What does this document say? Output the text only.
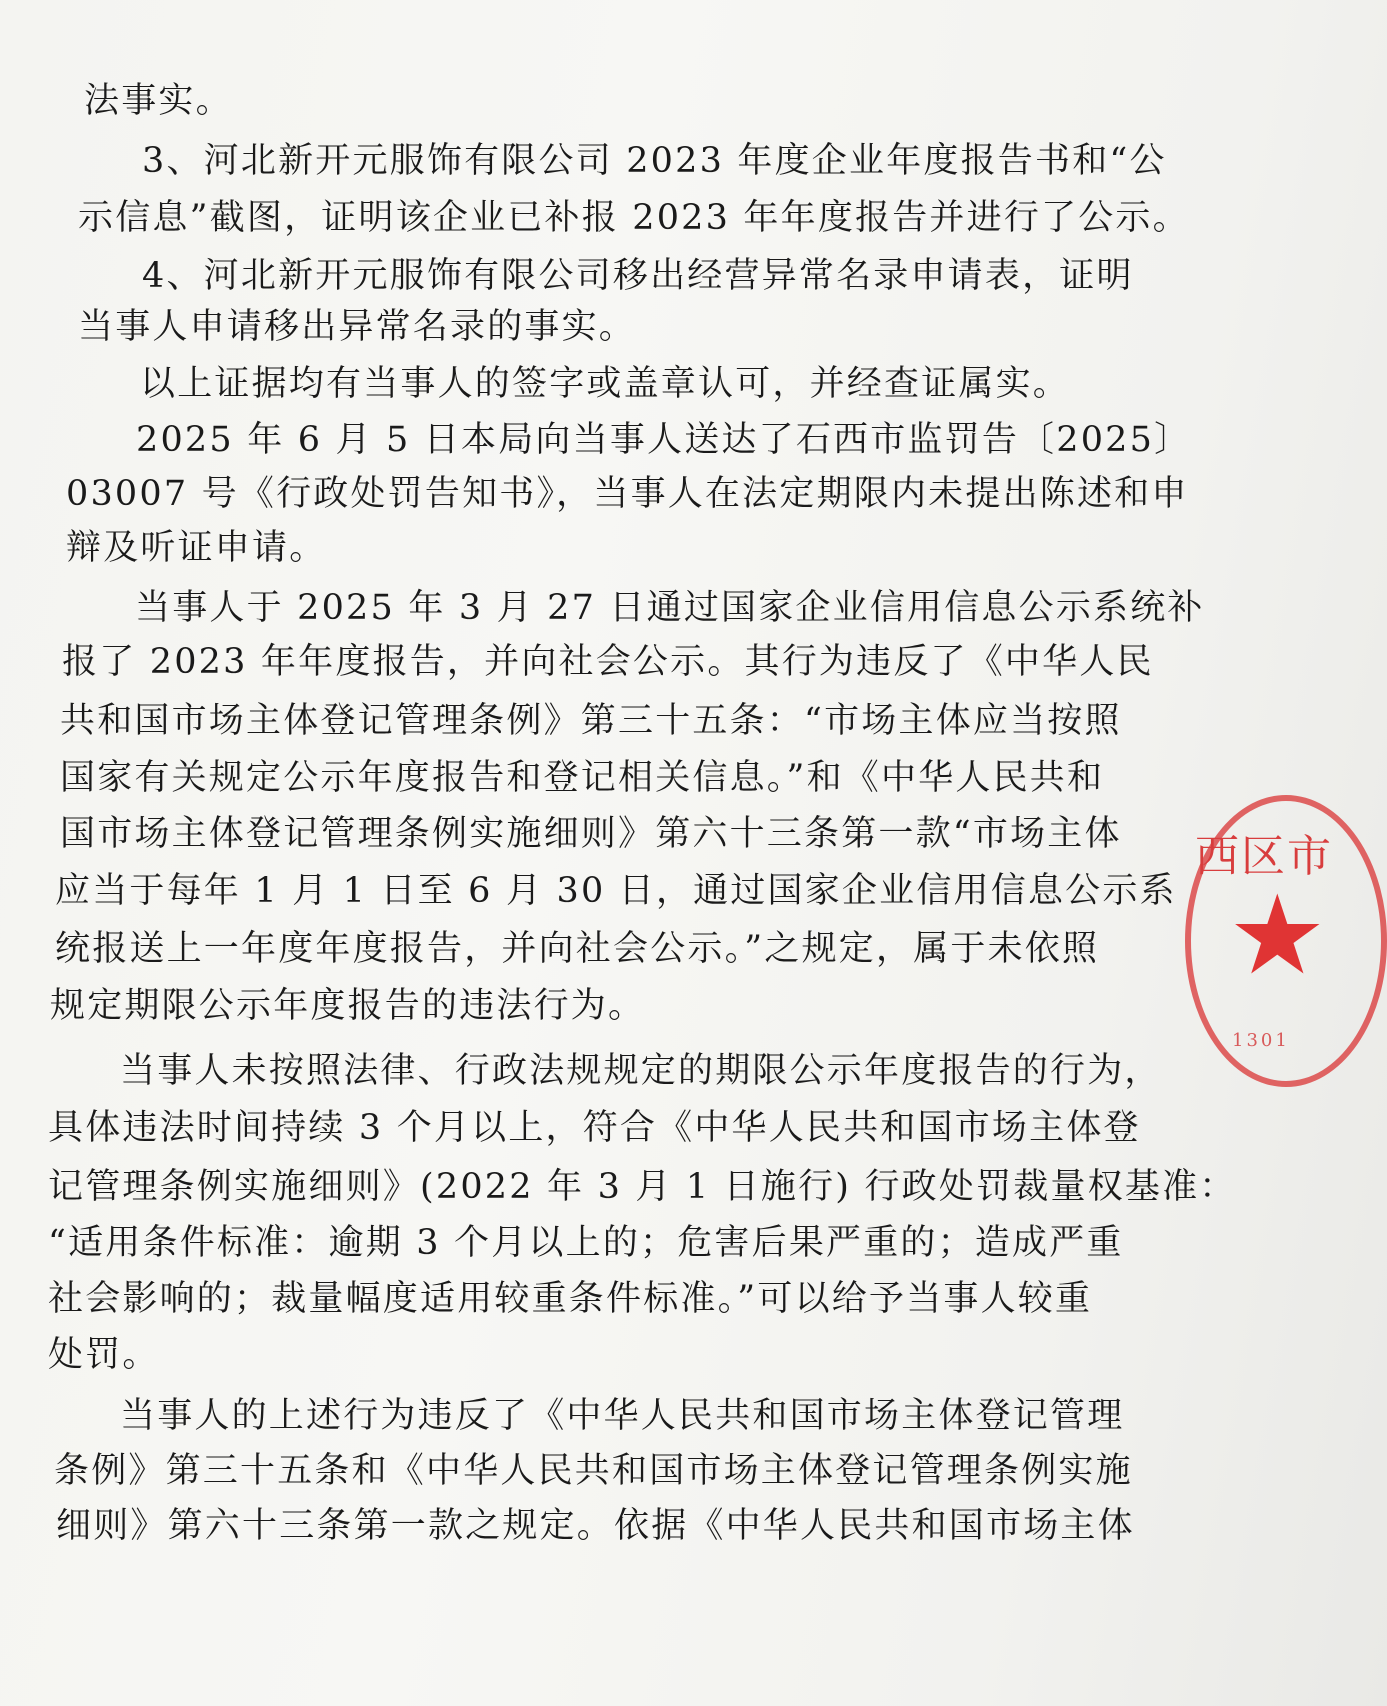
法事实。
3、河北新开元服饰有限公司 2023 年度企业年度报告书和“公
示信息”截图，证明该企业已补报 2023 年年度报告并进行了公示。
4、河北新开元服饰有限公司移出经营异常名录申请表，证明
当事人申请移出异常名录的事实。
以上证据均有当事人的签字或盖章认可，并经查证属实。
2025 年 6 月 5 日本局向当事人送达了石西市监罚告〔2025〕
03007 号《行政处罚告知书》，当事人在法定期限内未提出陈述和申
辩及听证申请。
当事人于 2025 年 3 月 27 日通过国家企业信用信息公示系统补
报了 2023 年年度报告，并向社会公示。其行为违反了《中华人民
共和国市场主体登记管理条例》第三十五条：“市场主体应当按照
国家有关规定公示年度报告和登记相关信息。”和《中华人民共和
国市场主体登记管理条例实施细则》第六十三条第一款“市场主体
应当于每年 1 月 1 日至 6 月 30 日，通过国家企业信用信息公示系
统报送上一年度年度报告，并向社会公示。”之规定，属于未依照
规定期限公示年度报告的违法行为。
当事人未按照法律、行政法规规定的期限公示年度报告的行为，
具体违法时间持续 3 个月以上，符合《中华人民共和国市场主体登
记管理条例实施细则》(2022 年 3 月 1 日施行) 行政处罚裁量权基准：
“适用条件标准：逾期 3 个月以上的；危害后果严重的；造成严重
社会影响的；裁量幅度适用较重条件标准。”可以给予当事人较重
处罚。
当事人的上述行为违反了《中华人民共和国市场主体登记管理
条例》第三十五条和《中华人民共和国市场主体登记管理条例实施
细则》第六十三条第一款之规定。依据《中华人民共和国市场主体
西区市
★
1301
